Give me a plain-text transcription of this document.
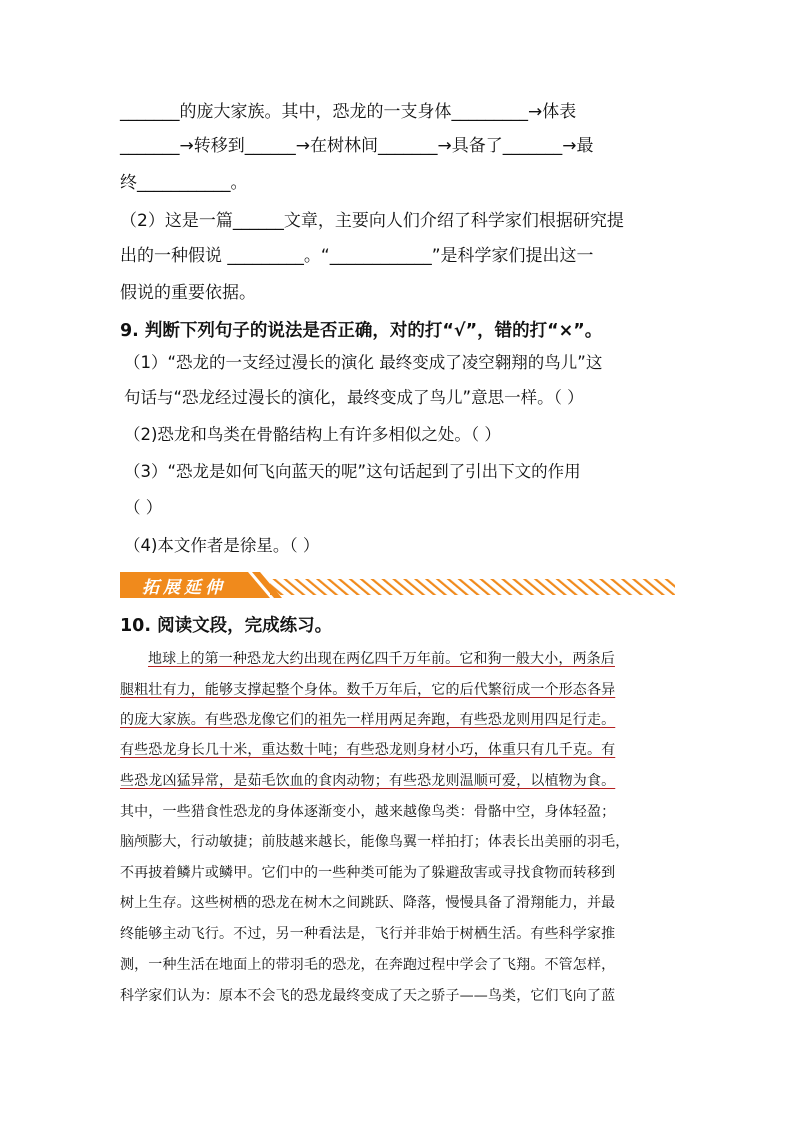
_______的庞大家族。其中，恐龙的一支身体_________→体表
_______→转移到______→在树林间_______→具备了_______→最
终___________。
（2）这是一篇______文章，主要向人们介绍了科学家们根据研究提
出的一种假说 _________。“____________”是科学家们提出这一
假说的重要依据。
9. 判断下列句子的说法是否正确，对的打“√”，错的打“×”。
（1）“恐龙的一支经过漫长的演化 最终变成了凌空翱翔的鸟儿”这
句话与“恐龙经过漫长的演化，最终变成了鸟儿”意思一样。（ ）
（2)恐龙和鸟类在骨骼结构上有许多相似之处。（ ）
（3）“恐龙是如何飞向蓝天的呢”这句话起到了引出下文的作用
（ ）
（4)本文作者是徐星。（ ）
拓展延伸
10. 阅读文段，完成练习。
地球上的第一种恐龙大约出现在两亿四千万年前。它和狗一般大小，两条后
腿粗壮有力，能够支撑起整个身体。数千万年后，它的后代繁衍成一个形态各异
的庞大家族。有些恐龙像它们的祖先一样用两足奔跑，有些恐龙则用四足行走。
有些恐龙身长几十米，重达数十吨；有些恐龙则身材小巧，体重只有几千克。有
些恐龙凶猛异常，是茹毛饮血的食肉动物；有些恐龙则温顺可爱，以植物为食。
其中，一些猎食性恐龙的身体逐渐变小，越来越像鸟类：骨骼中空，身体轻盈；
脑颅膨大，行动敏捷；前肢越来越长，能像鸟翼一样拍打；体表长出美丽的羽毛，
不再披着鳞片或鳞甲。它们中的一些种类可能为了躲避敌害或寻找食物而转移到
树上生存。这些树栖的恐龙在树木之间跳跃、降落，慢慢具备了滑翔能力，并最
终能够主动飞行。不过，另一种看法是，飞行并非始于树栖生活。有些科学家推
测，一种生活在地面上的带羽毛的恐龙，在奔跑过程中学会了飞翔。不管怎样，
科学家们认为：原本不会飞的恐龙最终变成了天之骄子——鸟类，它们飞向了蓝
